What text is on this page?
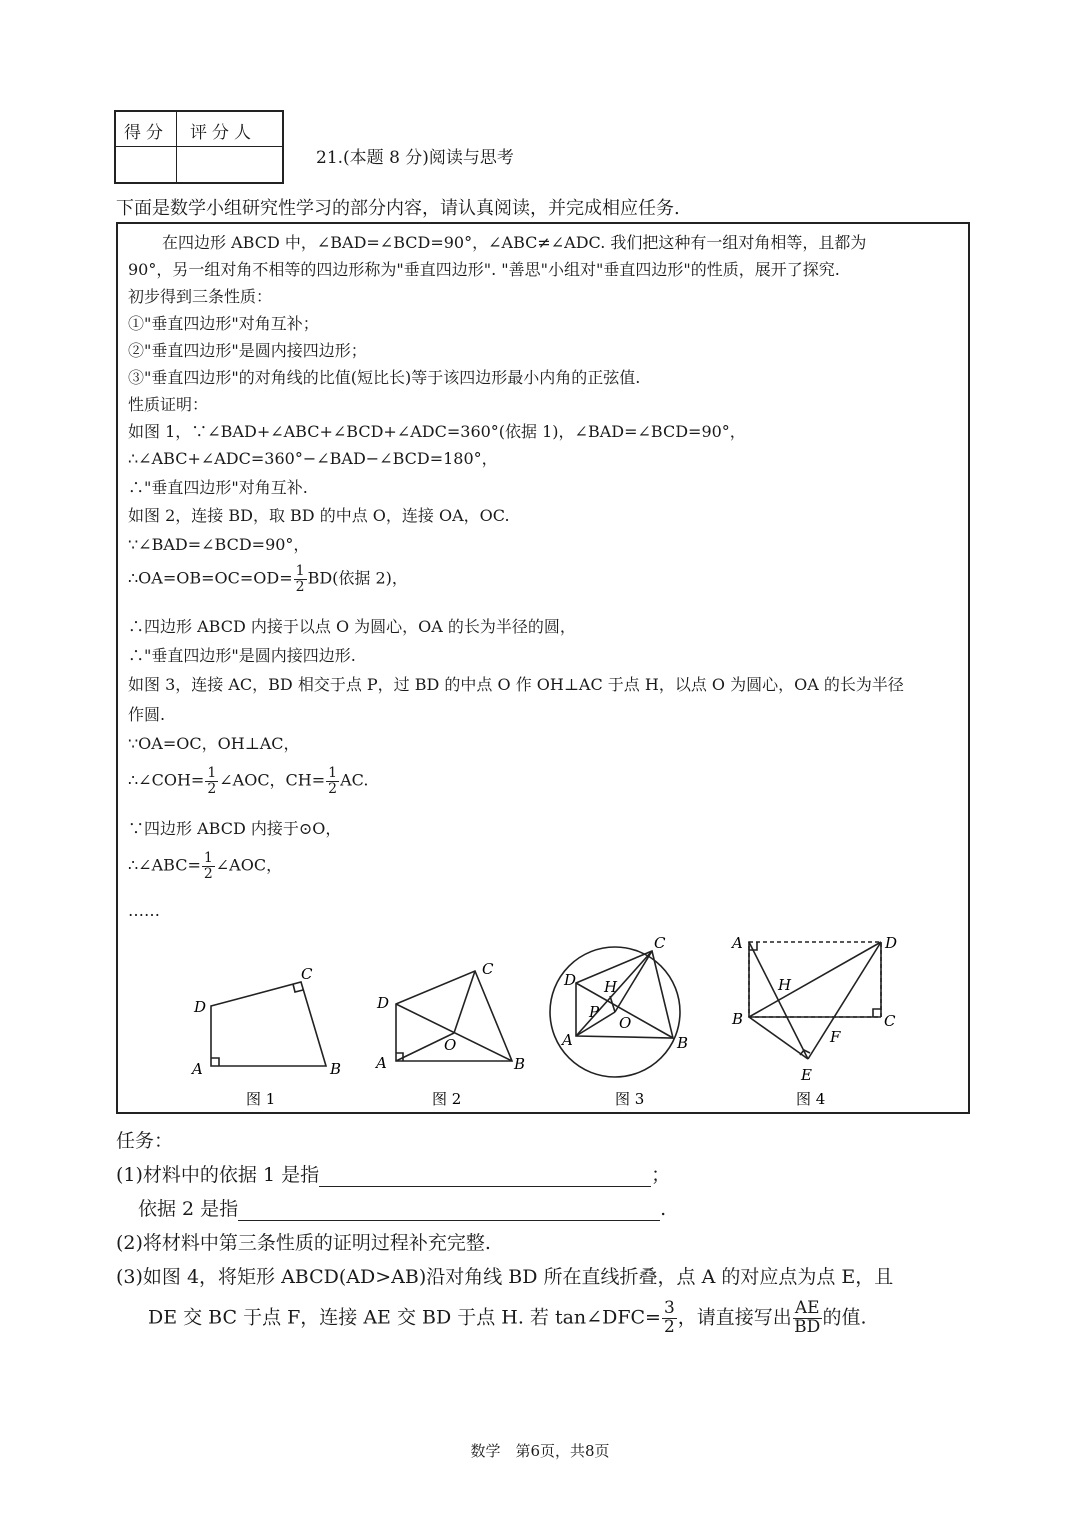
得分 评分人
21.(本题 8 分)阅读与思考
下面是数学小组研究性学习的部分内容，请认真阅读，并完成相应任务.
在四边形 ABCD 中，∠BAD=∠BCD=90°，∠ABC≠∠ADC. 我们把这种有一组对角相等，且都为
90°，另一组对角不相等的四边形称为"垂直四边形". "善思"小组对"垂直四边形"的性质，展开了探究.
初步得到三条性质：
①"垂直四边形"对角互补；
②"垂直四边形"是圆内接四边形；
③"垂直四边形"的对角线的比值(短比长)等于该四边形最小内角的正弦值.
性质证明：
如图 1，∵∠BAD+∠ABC+∠BCD+∠ADC=360°(依据 1)，∠BAD=∠BCD=90°，
∴∠ABC+∠ADC=360°−∠BAD−∠BCD=180°，
∴"垂直四边形"对角互补.
如图 2，连接 BD，取 BD 的中点 O，连接 OA，OC.
∵∠BAD=∠BCD=90°，
∴OA=OB=OC=OD= $\frac{1}{2} BD$(依据 2)，
∴四边形 ABCD 内接于以点 O 为圆心，OA 的长为半径的圆，
∴"垂直四边形"是圆内接四边形.
如图 3，连接 AC，BD 相交于点 P，过 BD 的中点 O 作 OH⊥AC 于点 H，以点 O 为圆心，OA 的长为半径
作圆.
∵OA=OC，OH⊥AC，
∴∠COH= $\frac{1}{2}$ ∠AOC，$CH= \frac{1}{2}$ AC.
∵四边形 ABCD 内接于⊙O，
∴∠ABC= $\frac{1}{2}$ ∠AOC，
……
D
C
A	B
图 1
D
C
A	B
O
图 2
D
C
A	B
P
H
O
图 3
A	D
B	C
H
F
E
图 4
任务：
(1)材料中的依据 1 是指	；
依据 2 是指	.
(2)将材料中第三条性质的证明过程补充完整.
(3)如图 4，将矩形 ABCD(AD>AB)沿对角线 BD 所在直线折叠，点 A 的对应点为点 E，且
DE 交 BC 于点 F，连接 AE 交 BD 于点 H. 若 tan∠DFC= $\frac{3}{2}$ ，请直接写出 $\frac{AE}{BD}$ 的值.
数学　第6页，共8页
